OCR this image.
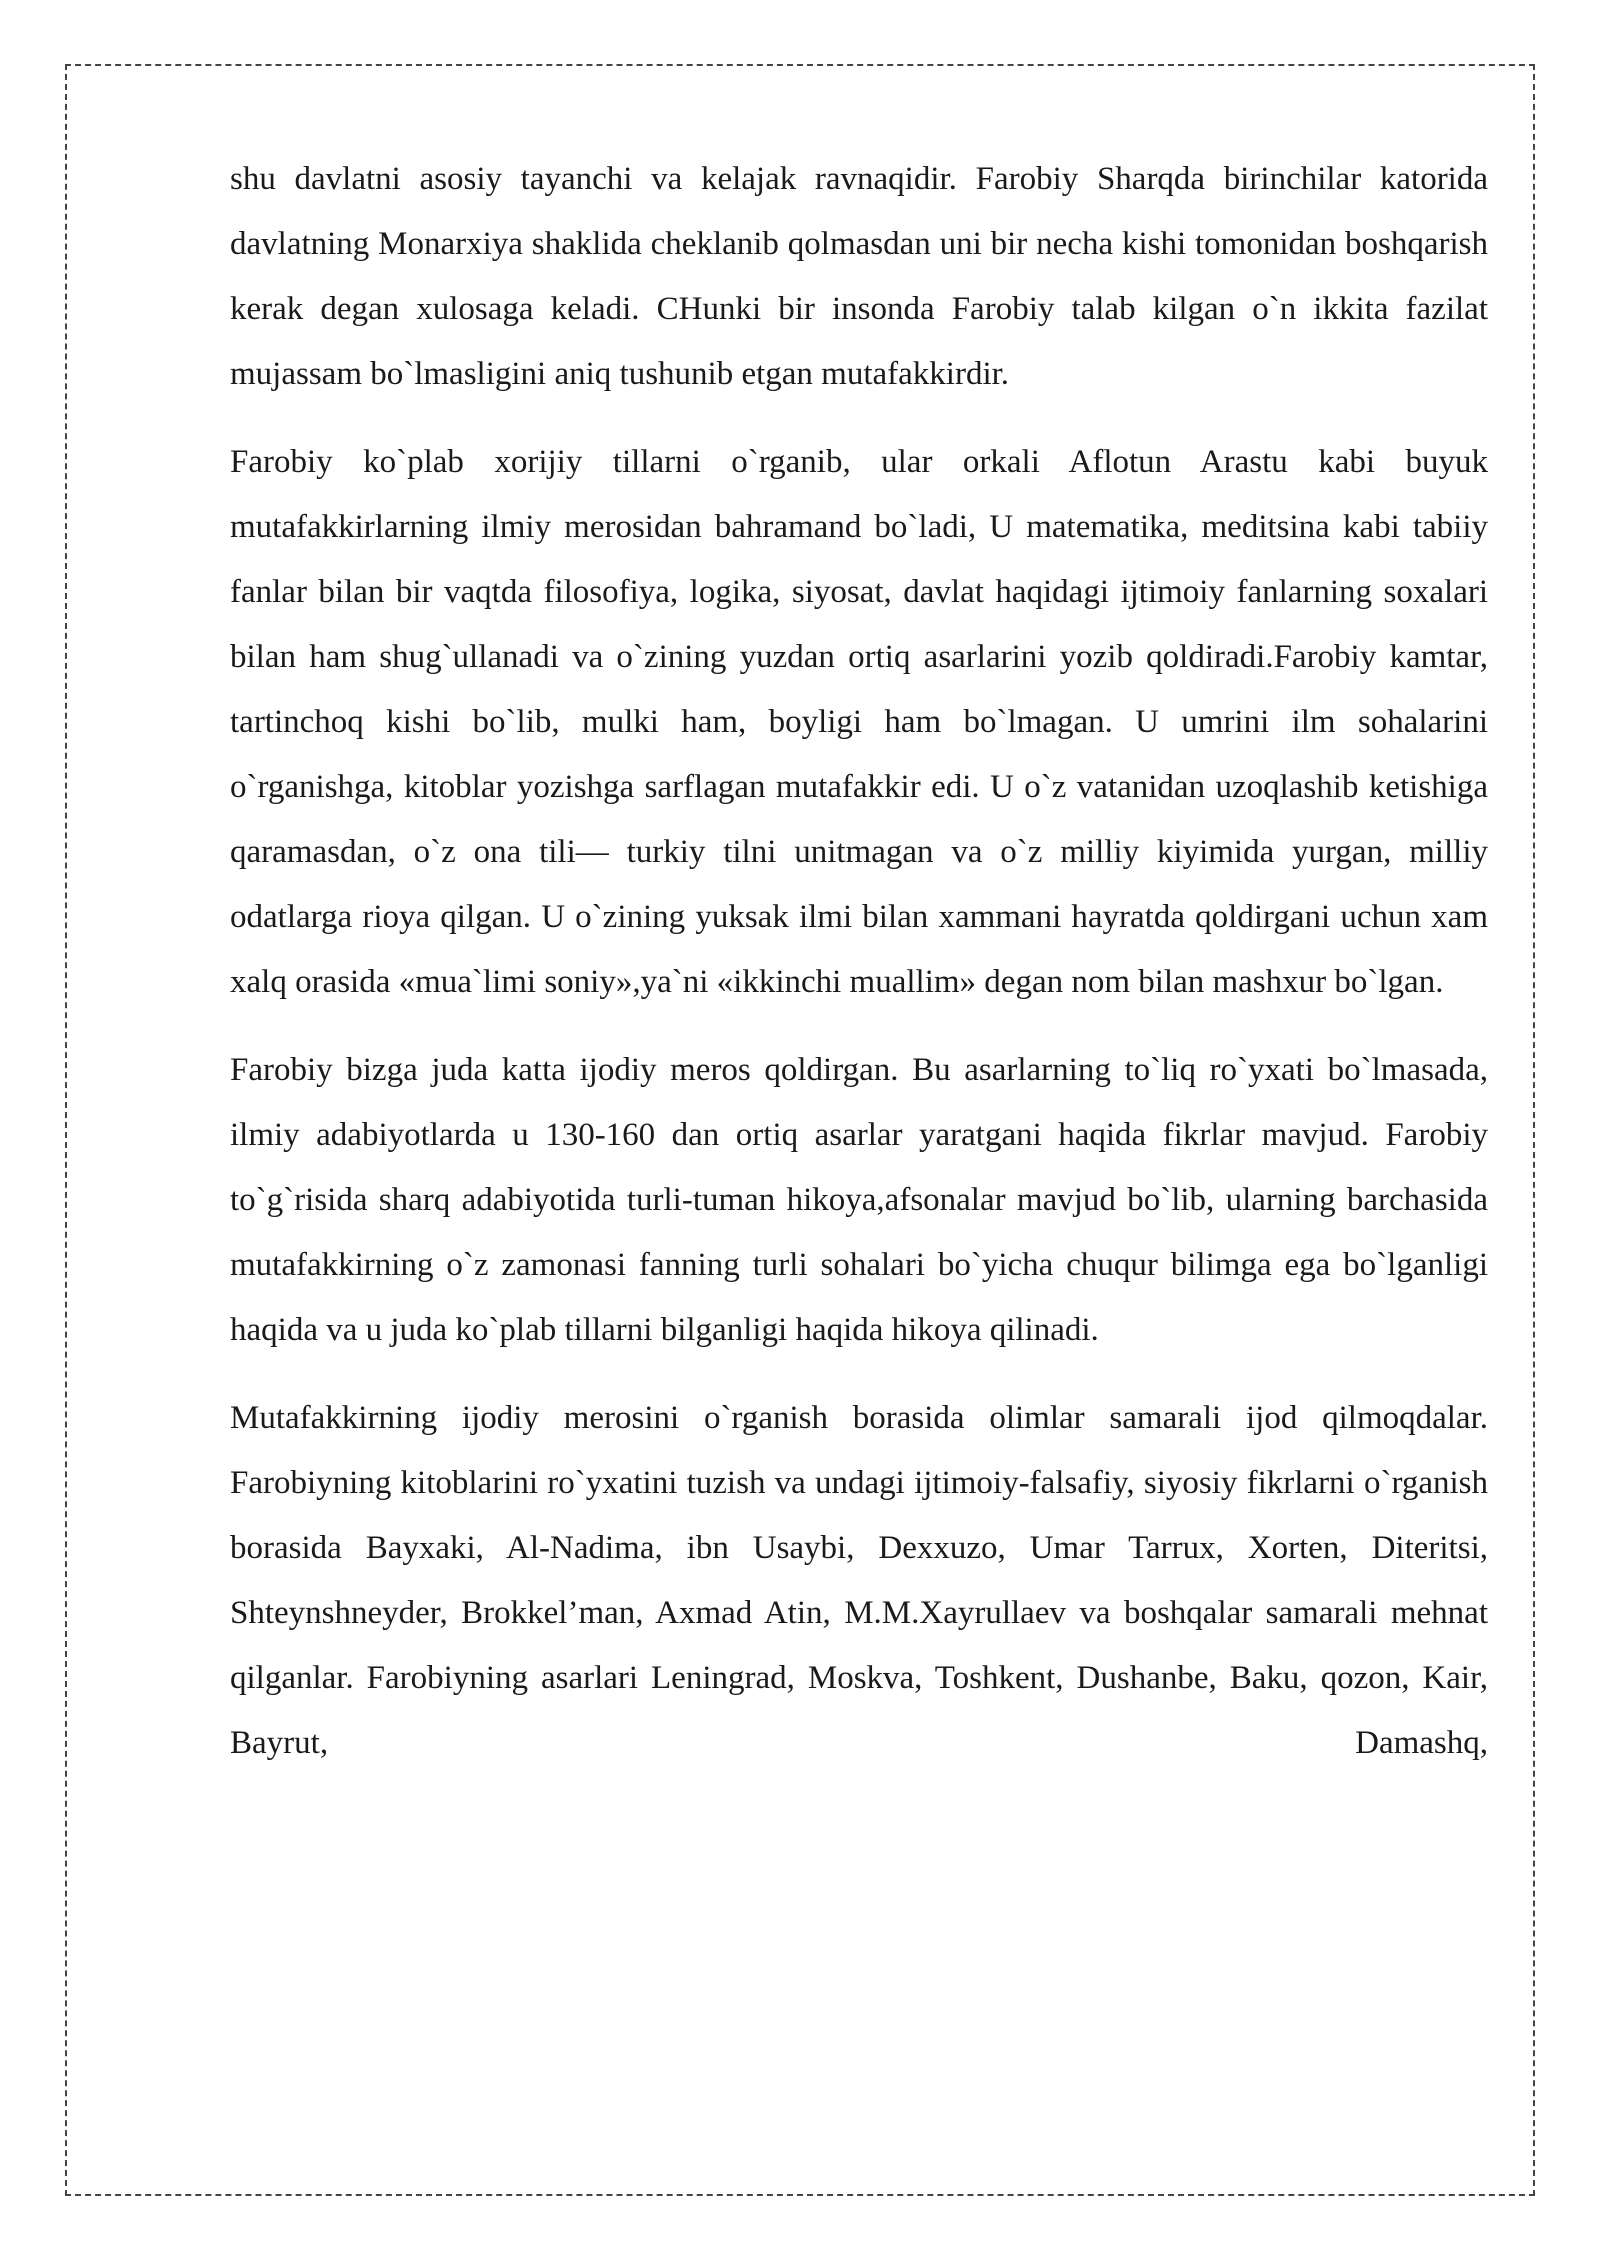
shu davlatni asosiy tayanchi va kelajak ravnaqidir. Farobiy Sharqda birinchilar katorida davlatning Monarxiya shaklida cheklanib qolmasdan uni bir necha kishi tomonidan boshqarish kerak degan xulosaga keladi. CHunki bir insonda Farobiy talab kilgan o`n ikkita fazilat mujassam bo`lmasligini aniq tushunib etgan mutafakkirdir.

Farobiy ko`plab xorijiy tillarni o`rganib, ular orkali Aflotun Arastu kabi buyuk mutafakkirlarning ilmiy merosidan bahramand bo`ladi, U matematika, meditsina kabi tabiiy fanlar bilan bir vaqtda filosofiya, logika, siyosat, davlat haqidagi ijtimoiy fanlarning soxalari bilan ham shug`ullanadi va o`zining yuzdan ortiq asarlarini yozib qoldiradi.Farobiy kamtar, tartinchoq kishi bo`lib, mulki ham, boyligi ham bo`lmagan. U umrini ilm sohalarini o`rganishga, kitoblar yozishga sarflagan mutafakkir edi. U o`z vatanidan uzoqlashib ketishiga qaramasdan, o`z ona tili— turkiy tilni unitmagan va o`z milliy kiyimida yurgan, milliy odatlarga rioya qilgan. U o`zining yuksak ilmi bilan xammani hayratda qoldirgani uchun xam xalq orasida «mua`limi soniy»,ya`ni «ikkinchi muallim» degan nom bilan mashxur bo`lgan.

Farobiy bizga juda katta ijodiy meros qoldirgan. Bu asarlarning to`liq ro`yxati bo`lmasada, ilmiy adabiyotlarda u 130-160 dan ortiq asarlar yaratgani haqida fikrlar mavjud. Farobiy to`g`risida sharq adabiyotida turli-tuman hikoya,afsonalar mavjud bo`lib, ularning barchasida mutafakkirning o`z zamonasi fanning turli sohalari bo`yicha chuqur bilimga ega bo`lganligi haqida va u juda ko`plab tillarni bilganligi haqida hikoya qilinadi.

Mutafakkirning ijodiy merosini o`rganish borasida olimlar samarali ijod qilmoqdalar. Farobiyning kitoblarini ro`yxatini tuzish va undagi ijtimoiy-falsafiy, siyosiy fikrlarni o`rganish borasida Bayxaki, Al-Nadima, ibn Usaybi, Dexxuzo, Umar Tarrux, Xorten, Diteritsi, Shteynshneyder, Brokkel’man, Axmad Atin, M.M.Xayrullaev va boshqalar samarali mehnat qilganlar. Farobiyning asarlari Leningrad, Moskva, Toshkent, Dushanbe, Baku, qozon, Kair, Bayrut, Damashq,
